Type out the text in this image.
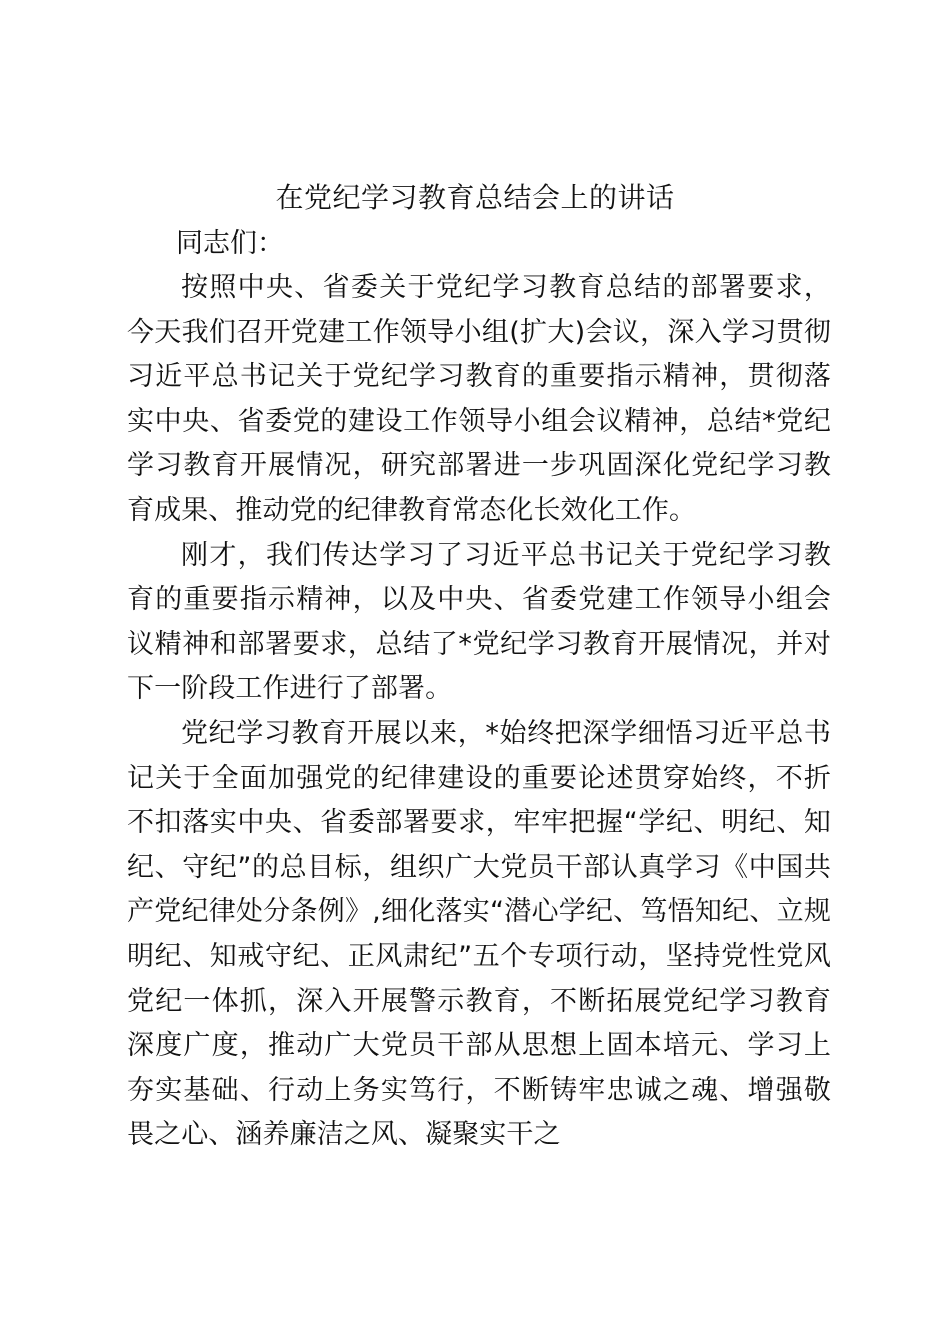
在党纪学习教育总结会上的讲话

同志们：

按照中央、省委关于党纪学习教育总结的部署要求，今天我们召开党建工作领导小组(扩大)会议，深入学习贯彻习近平总书记关于党纪学习教育的重要指示精神，贯彻落实中央、省委党的建设工作领导小组会议精神，总结*党纪学习教育开展情况，研究部署进一步巩固深化党纪学习教育成果、推动党的纪律教育常态化长效化工作。

刚才，我们传达学习了习近平总书记关于党纪学习教育的重要指示精神，以及中央、省委党建工作领导小组会议精神和部署要求，总结了*党纪学习教育开展情况，并对下一阶段工作进行了部署。

党纪学习教育开展以来，*始终把深学细悟习近平总书记关于全面加强党的纪律建设的重要论述贯穿始终，不折不扣落实中央、省委部署要求，牢牢把握“学纪、明纪、知纪、守纪”的总目标，组织广大党员干部认真学习《中国共产党纪律处分条例》,细化落实“潜心学纪、笃悟知纪、立规明纪、知戒守纪、正风肃纪”五个专项行动，坚持党性党风党纪一体抓，深入开展警示教育，不断拓展党纪学习教育深度广度，推动广大党员干部从思想上固本培元、学习上夯实基础、行动上务实笃行，不断铸牢忠诚之魂、增强敬畏之心、涵养廉洁之风、凝聚实干之
